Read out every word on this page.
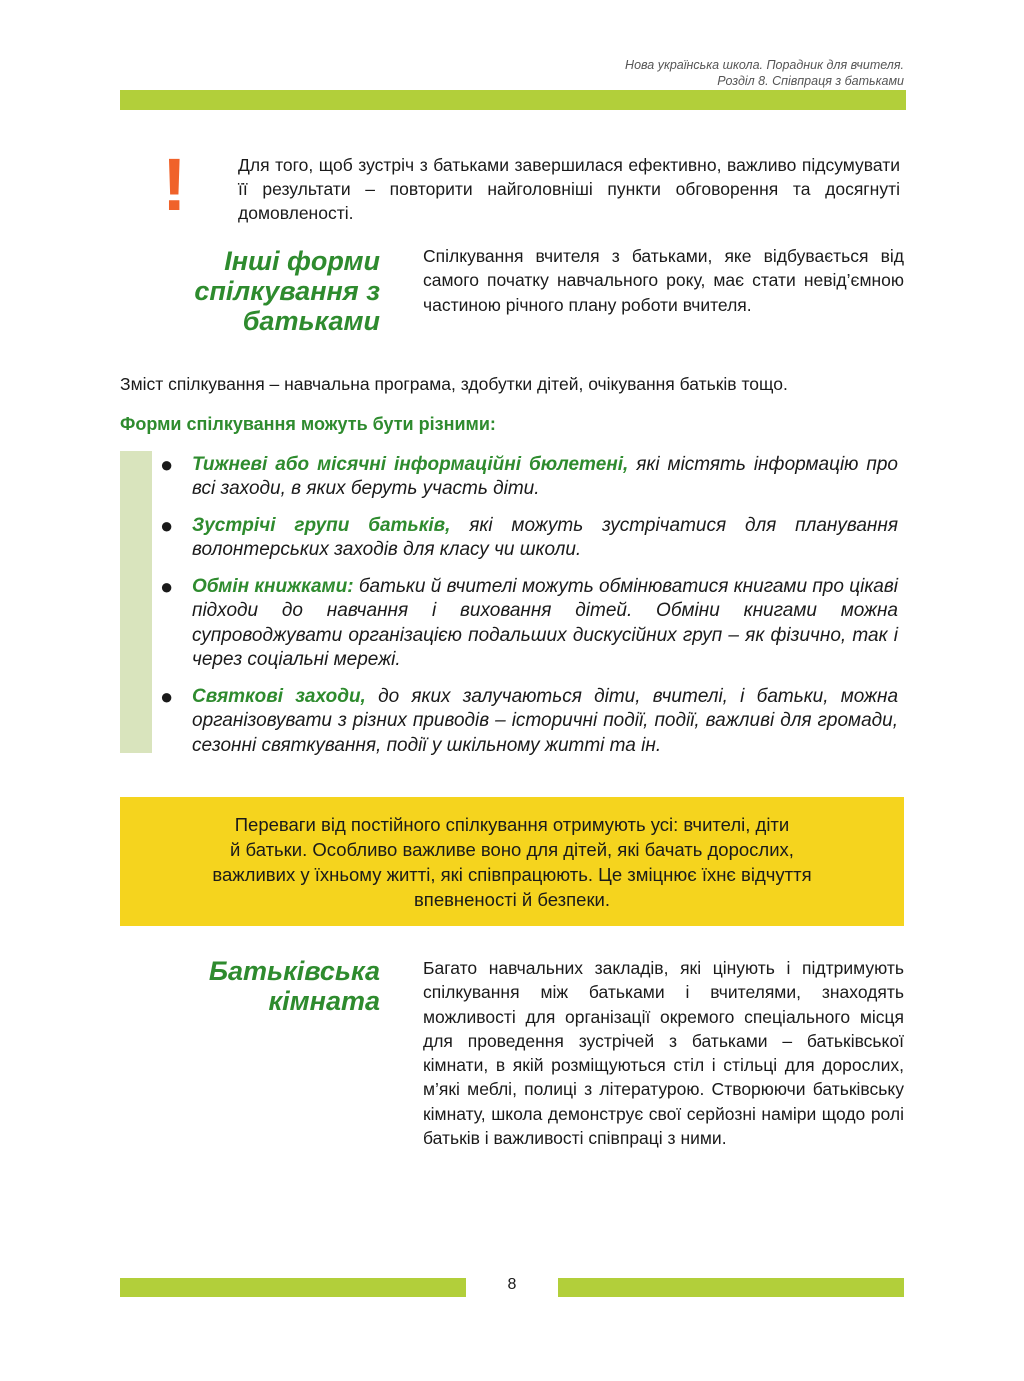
Нова українська школа. Порадник для вчителя.
Розділ 8. Співпраця з батьками
!	Для того, щоб зустріч з батьками завершилася ефективно, важливо підсумувати її результати – повторити найголовніші пункти обговорення та досягнуті домовленості.
Інші форми
спілкування з
батьками
Спілкування вчителя з батьками, яке відбувається від самого початку навчального року, має стати невід’ємною частиною річного плану роботи вчителя.
Зміст спілкування – навчальна програма, здобутки дітей, очікування батьків тощо.
Форми спілкування можуть бути різними:
● Тижневі або місячні інформаційні бюлетені, які містять інформацію про всі заходи, в яких беруть участь діти.
● Зустрічі групи батьків, які можуть зустрічатися для планування волонтерських заходів для класу чи школи.
● Обмін книжками: батьки й вчителі можуть обмінюватися книгами про цікаві підходи до навчання і виховання дітей. Обміни книгами можна супроводжувати організацією подальших дискусійних груп – як фізично, так і через соціальні мережі.
● Святкові заходи, до яких залучаються діти, вчителі, і батьки, можна організовувати з різних приводів – історичні події, події, важливі для громади, сезонні святкування, події у шкільному житті та ін.
Переваги від постійного спілкування отримують усі: вчителі, діти
й батьки. Особливо важливе воно для дітей, які бачать дорослих,
важливих у їхньому житті, які співпрацюють. Це зміцнює їхнє відчуття
впевненості й безпеки.
Батьківська
кімната
Багато навчальних закладів, які цінують і підтримують спілкування між батьками і вчителями, знаходять можливості для організації окремого спеціального місця для проведення зустрічей з батьками – батьківської кімнати, в якій розміщуються стіл і стільці для дорослих, м’які меблі, полиці з літературою. Створюючи батьківську кімнату, школа демонструє свої серйозні наміри щодо ролі батьків і важливості співпраці з ними.
8
